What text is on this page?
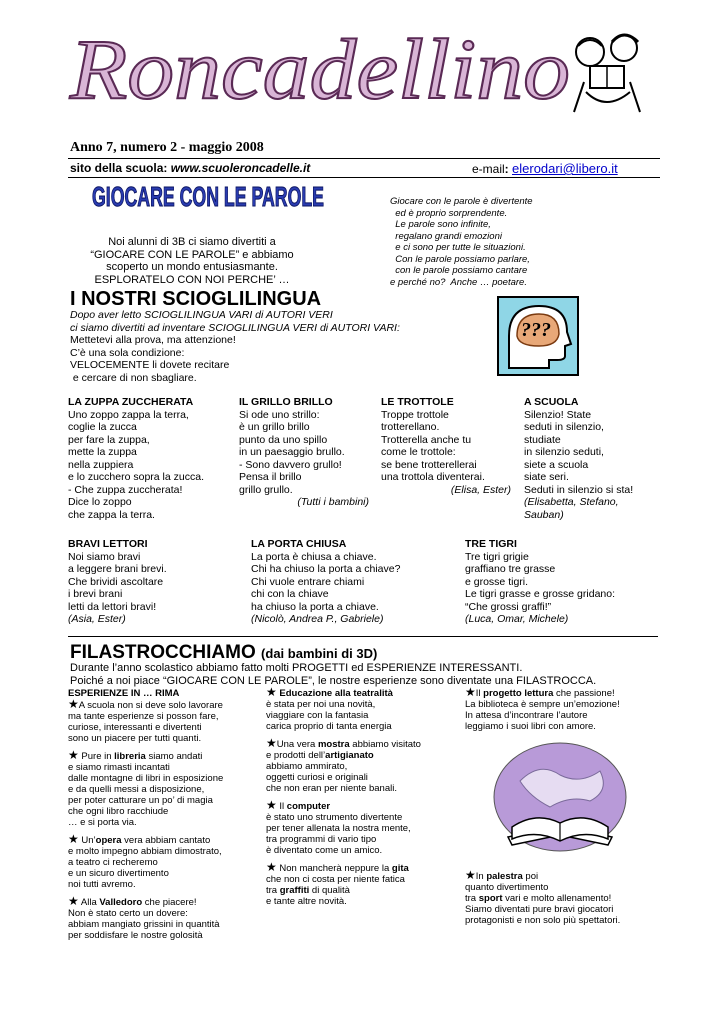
Roncadellino
Anno 7, numero 2 - maggio 2008
sito della scuola: www.scuoleroncadelle.it	e-mail: elerodari@libero.it
GIOCARE CON LE PAROLE	Giocare con le parole è divertente
ed è proprio sorprendente.
Le parole sono infinite,
regalano grandi emozioni
e ci sono per tutte le situazioni.
Con le parole possiamo parlare,
con le parole possiamo cantare
e perché no?  Anche … poetare.
Noi alunni di 3B ci siamo divertiti a
“GIOCARE CON LE PAROLE” e abbiamo
scoperto un mondo entusiasmante.
ESPLORATELO CON NOI PERCHE’ …
I NOSTRI SCIOGLILINGUA
Dopo aver letto SCIOGLILINGUA VARI di AUTORI VERI
ci siamo divertiti ad inventare SCIOGLILINGUA VERI di AUTORI VARI:
Mettetevi alla prova, ma attenzione!
C’è una sola condizione:
VELOCEMENTE li dovete recitare
e cercare di non sbagliare.
???
FILASTROCCHIAMO (dai bambini di 3D)
Durante l’anno scolastico abbiamo fatto molti PROGETTI ed ESPERIENZE INTERESSANTI.
Poiché a noi piace “GIOCARE CON LE PAROLE”, le nostre esperienze sono diventate una FILASTROCCA.
ESPERIENZE IN … RIMA
LA ZUPPA ZUCCHERATA
Uno zoppo zappa la terra,
coglie la zucca
per fare la zuppa,
mette la zuppa
nella zuppiera
e lo zucchero sopra la zucca.
- Che zuppa zuccherata!
Dice lo zoppo
che zappa la terra.
IL GRILLO BRILLO
Si ode uno strillo:
è un grillo brillo
punto da uno spillo
in un paesaggio brullo.
- Sono davvero grullo!
Pensa il brillo
grillo grullo.
(Tutti i bambini)
LE TROTTOLE
Troppe trottole
trotterellano.
Trotterella anche tu
come le trottole:
se bene trotterellerai
una trottola diventerai.
(Elisa, Ester)
A SCUOLA
Silenzio! State
seduti in silenzio,
studiate
in silenzio seduti,
siete a scuola
siate seri.
Seduti in silenzio si sta!
(Elisabetta, Stefano,
Sauban)
BRAVI LETTORI
Noi siamo bravi
a leggere brani brevi.
Che brividi ascoltare
i brevi brani
letti da lettori bravi!
(Asia, Ester)
LA PORTA CHIUSA
La porta è chiusa a chiave.
Chi ha chiuso la porta a chiave?
Chi vuole entrare chiami
chi con la chiave
ha chiuso la porta a chiave.
(Nicolò, Andrea P., Gabriele)
TRE TIGRI
Tre tigri grigie
graffiano tre grasse
e grosse tigri.
Le tigri grasse e grosse gridano:
“Che grossi graffi!”
(Luca, Omar, Michele)
★A scuola non si deve solo lavorare
ma tante esperienze si posson fare,
curiose, interessanti e divertenti
sono un piacere per tutti quanti.
★ Pure in libreria siamo andati
e siamo rimasti incantati
dalle montagne di libri in esposizione
e da quelli messi a disposizione,
per poter catturare un po’ di magia
che ogni libro racchiude
… e si porta via.
★ Un’opera vera abbiam cantato
e molto impegno abbiam dimostrato,
a teatro ci recheremo
e un sicuro divertimento
noi tutti avremo.
★ Alla Valledoro che piacere!
Non è stato certo un dovere:
abbiam mangiato grissini in quantità
per soddisfare le nostre golosità
★ Educazione alla teatralità
è stata per noi una novità,
viaggiare con la fantasia
carica proprio di tanta energia
★Una vera mostra abbiamo visitato
e prodotti dell’artigianato
abbiamo ammirato,
oggetti curiosi e originali
che non eran per niente banali.
★ Il computer
è stato uno strumento divertente
per tener allenata la nostra mente,
tra programmi di vario tipo
è diventato come un amico.
★ Non mancherà neppure la gita
che non ci costa per niente fatica
tra graffiti di qualità
e tante altre novità.
★Il progetto lettura che passione!
La biblioteca è sempre un’emozione!
In attesa d’incontrare l’autore
leggiamo i suoi libri con amore.
★In palestra poi
quanto divertimento
tra sport vari e molto allenamento!
Siamo diventati pure bravi giocatori
protagonisti e non solo più spettatori.
